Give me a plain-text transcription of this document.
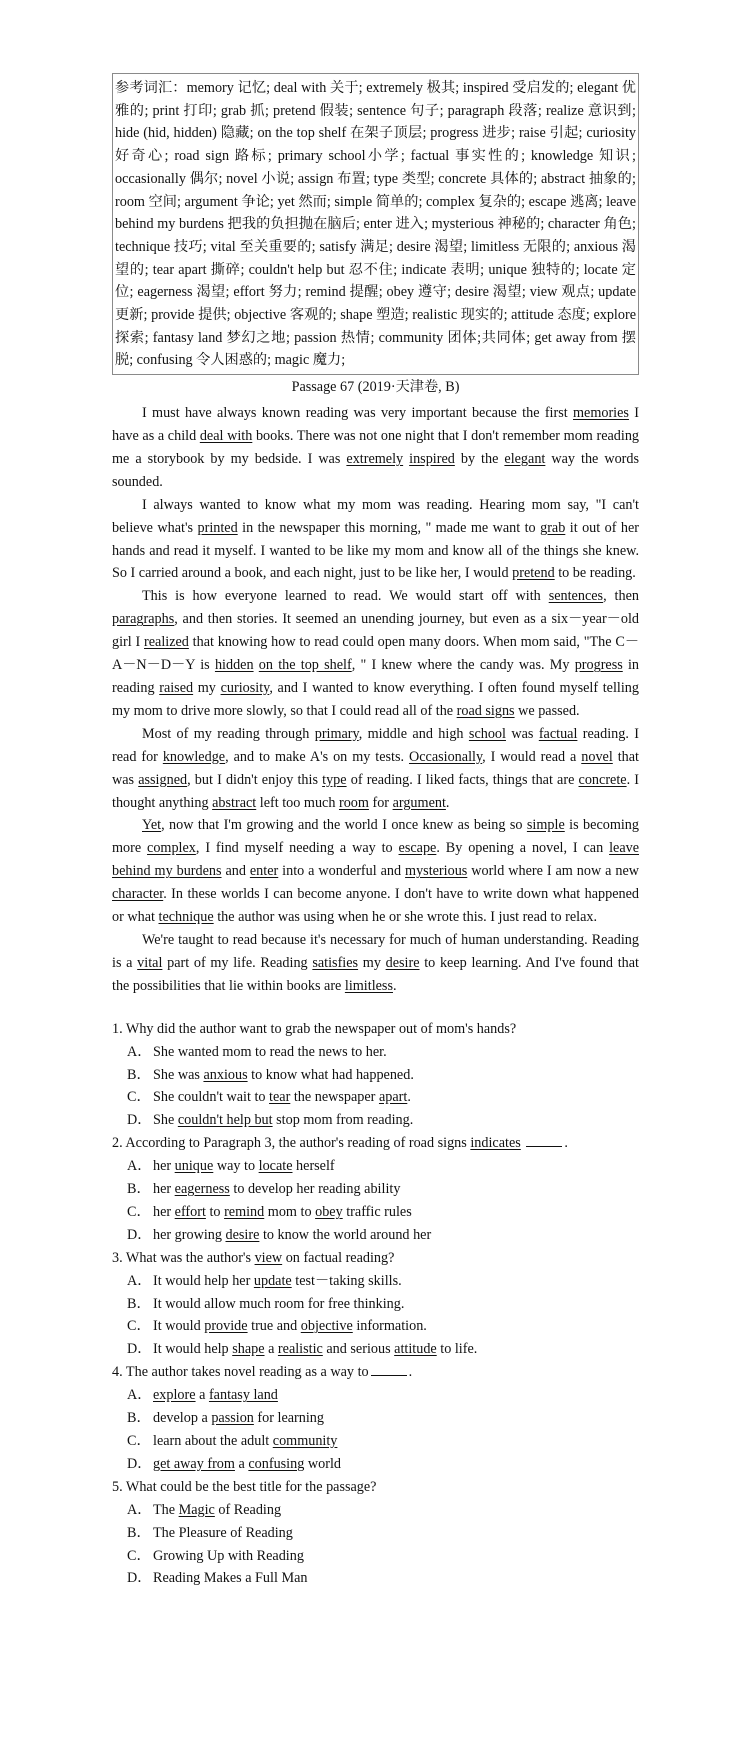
参考词汇：memory 记忆; deal with 关于; extremely 极其; inspired 受启发的; elegant 优雅的; print 打印; grab 抓; pretend 假装; sentence 句子; paragraph 段落; realize 意识到; hide (hid, hidden) 隐藏; on the top shelf 在架子顶层; progress 进步; raise 引起; curiosity 好奇心; road sign 路标; primary school小学; factual 事实性的; knowledge 知识; occasionally 偶尔; novel 小说; assign 布置; type 类型; concrete 具体的; abstract 抽象的; room 空间; argument 争论; yet 然而; simple 简单的; complex 复杂的; escape 逃离; leave behind my burdens 把我的负担抛在脑后; enter 进入; mysterious 神秘的; character 角色; technique 技巧; vital 至关重要的; satisfy 满足; desire 渴望; limitless 无限的; anxious 渴望的; tear apart 撕碎; couldn't help but 忍不住; indicate 表明; unique 独特的; locate 定位; eagerness 渴望; effort 努力; remind 提醒; obey 遵守; desire 渴望; view 观点; update 更新; provide 提供; objective 客观的; shape 塑造; realistic 现实的; attitude 态度; explore 探索; fantasy land 梦幻之地; passion 热情; community 团体;共同体; get away from 摆脱; confusing 令人困惑的; magic 魔力;
Passage 67 (2019·天津卷, B)

I must have always known reading was very important because the first memories I have as a child deal with books. There was not one night that I don't remember mom reading me a storybook by my bedside. I was extremely inspired by the elegant way the words sounded.

I always wanted to know what my mom was reading. Hearing mom say, "I can't believe what's printed in the newspaper this morning, " made me want to grab it out of her hands and read it myself. I wanted to be like my mom and know all of the things she knew. So I carried around a book, and each night, just to be like her, I would pretend to be reading.

This is how everyone learned to read. We would start off with sentences, then paragraphs, and then stories. It seemed an unending journey, but even as a six－year－old girl I realized that knowing how to read could open many doors. When mom said, "The C－A－N－D－Y is hidden on the top shelf, " I knew where the candy was. My progress in reading raised my curiosity, and I wanted to know everything. I often found myself telling my mom to drive more slowly, so that I could read all of the road signs we passed.

Most of my reading through primary, middle and high school was factual reading. I read for knowledge, and to make A's on my tests. Occasionally, I would read a novel that was assigned, but I didn't enjoy this type of reading. I liked facts, things that are concrete. I thought anything abstract left too much room for argument.

Yet, now that I'm growing and the world I once knew as being so simple is becoming more complex, I find myself needing a way to escape. By opening a novel, I can leave behind my burdens and enter into a wonderful and mysterious world where I am now a new character. In these worlds I can become anyone. I don't have to write down what happened or what technique the author was using when he or she wrote this. I just read to relax.

We're taught to read because it's necessary for much of human understanding. Reading is a vital part of my life. Reading satisfies my desire to keep learning. And I've found that the possibilities that lie within books are limitless.

1. Why did the author want to grab the newspaper out of mom's hands?

A． She wanted mom to read the news to her.

B． She was anxious to know what had happened.

C． She couldn't wait to tear the newspaper apart.

D． She couldn't help but stop mom from reading.

2. According to Paragraph 3, the author's reading of road signs indicates	.

A． her unique way to locate herself

B． her eagerness to develop her reading ability

C． her effort to remind mom to obey traffic rules

D． her growing desire to know the world around her

3. What was the author's view on factual reading?

A． It would help her update test－taking skills.

B． It would allow much room for free thinking.

C． It would provide true and objective information.

D． It would help shape a realistic and serious attitude to life.

4. The author takes novel reading as a way to	.

A． explore a fantasy land

B． develop a passion for learning

C． learn about the adult community

D． get away from a confusing world

5. What could be the best title for the passage?

A． The Magic of Reading

B． The Pleasure of Reading

C． Growing Up with Reading

D． Reading Makes a Full Man
